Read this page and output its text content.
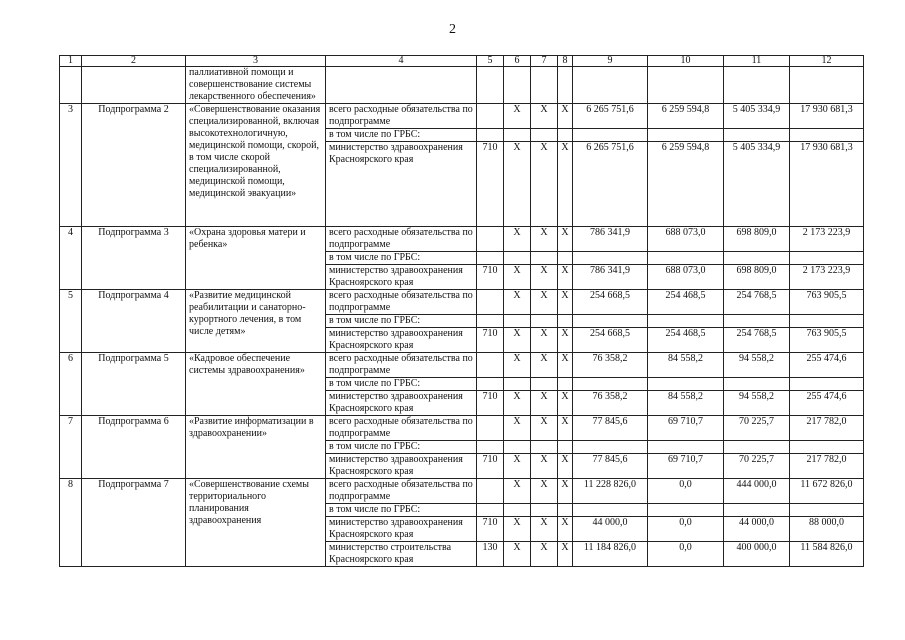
2
1	2	3	4	5	6	7	8	9	10	11	12
		паллиативной помощи и совершенствование системы лекарственного обеспечения»									
3	Подпрограмма 2	«Совершенствование оказания специализированной, включая высокотехнологичную, медицинской помощи, скорой, в том числе скорой специализированной, медицинской помощи, медицинской эвакуации»	всего расходные обязательства по подпрограмме		X	X	X	6 265 751,6	6 259 594,8	5 405 334,9	17 930 681,3
			в том числе по ГРБС:								
			министерство здравоохранения Красноярского края	710	X	X	X	6 265 751,6	6 259 594,8	5 405 334,9	17 930 681,3
4	Подпрограмма 3	«Охрана здоровья матери и ребенка»	всего расходные обязательства по подпрограмме		X	X	X	786 341,9	688 073,0	698 809,0	2 173 223,9
			в том числе по ГРБС:								
			министерство здравоохранения Красноярского края	710	X	X	X	786 341,9	688 073,0	698 809,0	2 173 223,9
5	Подпрограмма 4	«Развитие медицинской реабилитации и санаторно-курортного лечения, в том числе детям»	всего расходные обязательства по подпрограмме		X	X	X	254 668,5	254 468,5	254 768,5	763 905,5
			в том числе по ГРБС:								
			министерство здравоохранения Красноярского края	710	X	X	X	254 668,5	254 468,5	254 768,5	763 905,5
6	Подпрограмма 5	«Кадровое обеспечение системы здравоохранения»	всего расходные обязательства по подпрограмме		X	X	X	76 358,2	84 558,2	94 558,2	255 474,6
			в том числе по ГРБС:								
			министерство здравоохранения Красноярского края	710	X	X	X	76 358,2	84 558,2	94 558,2	255 474,6
7	Подпрограмма 6	«Развитие информатизации в здравоохранении»	всего расходные обязательства по подпрограмме		X	X	X	77 845,6	69 710,7	70 225,7	217 782,0
			в том числе по ГРБС:								
			министерство здравоохранения Красноярского края	710	X	X	X	77 845,6	69 710,7	70 225,7	217 782,0
8	Подпрограмма 7	«Совершенствование схемы территориального планирования здравоохранения	всего расходные обязательства по подпрограмме		X	X	X	11 228 826,0	0,0	444 000,0	11 672 826,0
			в том числе по ГРБС:								
			министерство здравоохранения Красноярского края	710	X	X	X	44 000,0	0,0	44 000,0	88 000,0
			министерство строительства Красноярского края	130	X	X	X	11 184 826,0	0,0	400 000,0	11 584 826,0
